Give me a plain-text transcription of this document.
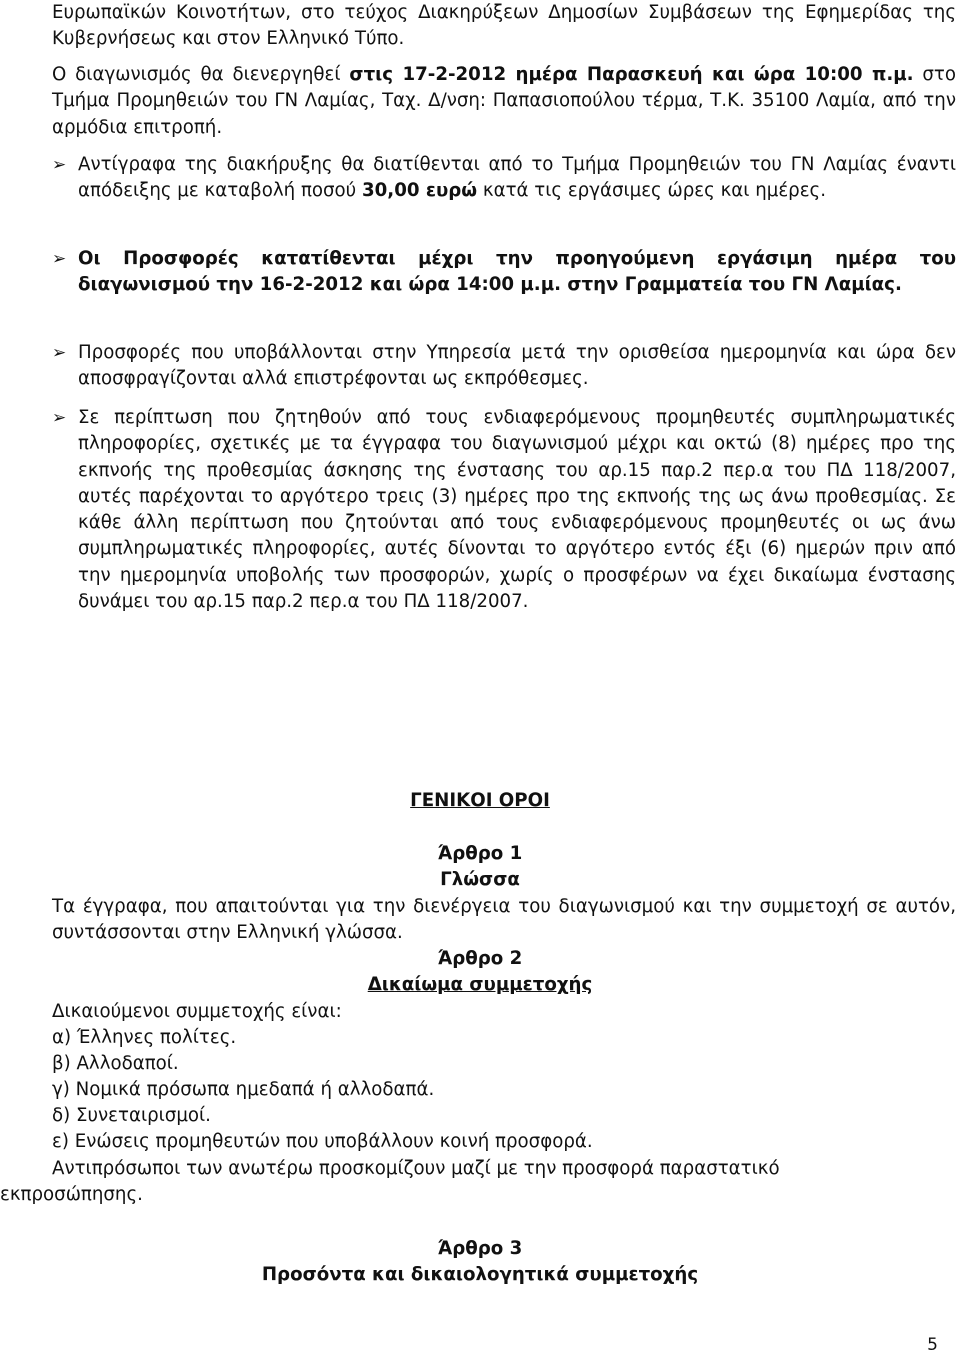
Ευρωπαϊκών Κοινοτήτων, στο τεύχος Διακηρύξεων Δημοσίων Συμβάσεων της Εφημερίδας της Κυβερνήσεως και στον Ελληνικό Τύπο.

Ο διαγωνισμός θα διενεργηθεί στις 17-2-2012 ημέρα Παρασκευή και ώρα 10:00 π.μ. στο Τμήμα Προμηθειών του ΓΝ Λαμίας, Ταχ. Δ/νση: Παπασιοπούλου τέρμα, Τ.Κ. 35100 Λαμία, από την αρμόδια επιτροπή.

➢ Αντίγραφα της διακήρυξης θα διατίθενται από το Τμήμα Προμηθειών του ΓΝ Λαμίας έναντι απόδειξης με καταβολή ποσού 30,00 ευρώ κατά τις εργάσιμες ώρες και ημέρες.

➢ Οι Προσφορές κατατίθενται μέχρι την προηγούμενη εργάσιμη ημέρα του διαγωνισμού την 16-2-2012 και ώρα 14:00 μ.μ. στην Γραμματεία του ΓΝ Λαμίας.

➢ Προσφορές που υποβάλλονται στην Υπηρεσία μετά την ορισθείσα ημερομηνία και ώρα δεν αποσφραγίζονται αλλά επιστρέφονται ως εκπρόθεσμες.

➢ Σε περίπτωση που ζητηθούν από τους ενδιαφερόμενους προμηθευτές συμπληρωματικές πληροφορίες, σχετικές με τα έγγραφα του διαγωνισμού μέχρι και οκτώ (8) ημέρες προ της εκπνοής της προθεσμίας άσκησης της ένστασης του αρ.15 παρ.2 περ.α του ΠΔ 118/2007, αυτές παρέχονται το αργότερο τρεις (3) ημέρες προ της εκπνοής της ως άνω προθεσμίας. Σε κάθε άλλη περίπτωση που ζητούνται από τους ενδιαφερόμενους προμηθευτές οι ως άνω συμπληρωματικές πληροφορίες, αυτές δίνονται το αργότερο εντός έξι (6) ημερών πριν από την ημερομηνία υποβολής των προσφορών, χωρίς ο προσφέρων να έχει δικαίωμα ένστασης δυνάμει του αρ.15 παρ.2 περ.α του ΠΔ 118/2007.

ΓΕΝΙΚΟΙ ΟΡΟΙ

Άρθρο 1

Γλώσσα

Τα έγγραφα, που απαιτούνται για την διενέργεια του διαγωνισμού και την συμμετοχή σε αυτόν, συντάσσονται στην Ελληνική γλώσσα.

Άρθρο 2

Δικαίωμα συμμετοχής

Δικαιούμενοι συμμετοχής είναι:

α) Έλληνες πολίτες.

β) Αλλοδαποί.

γ) Νομικά πρόσωπα ημεδαπά ή αλλοδαπά.

δ) Συνεταιρισμοί.

ε) Ενώσεις προμηθευτών που υποβάλλουν κοινή προσφορά.

Αντιπρόσωποι των ανωτέρω προσκομίζουν μαζί με την προσφορά παραστατικό

εκπροσώπησης.

Άρθρο 3

Προσόντα και δικαιολογητικά συμμετοχής

5
